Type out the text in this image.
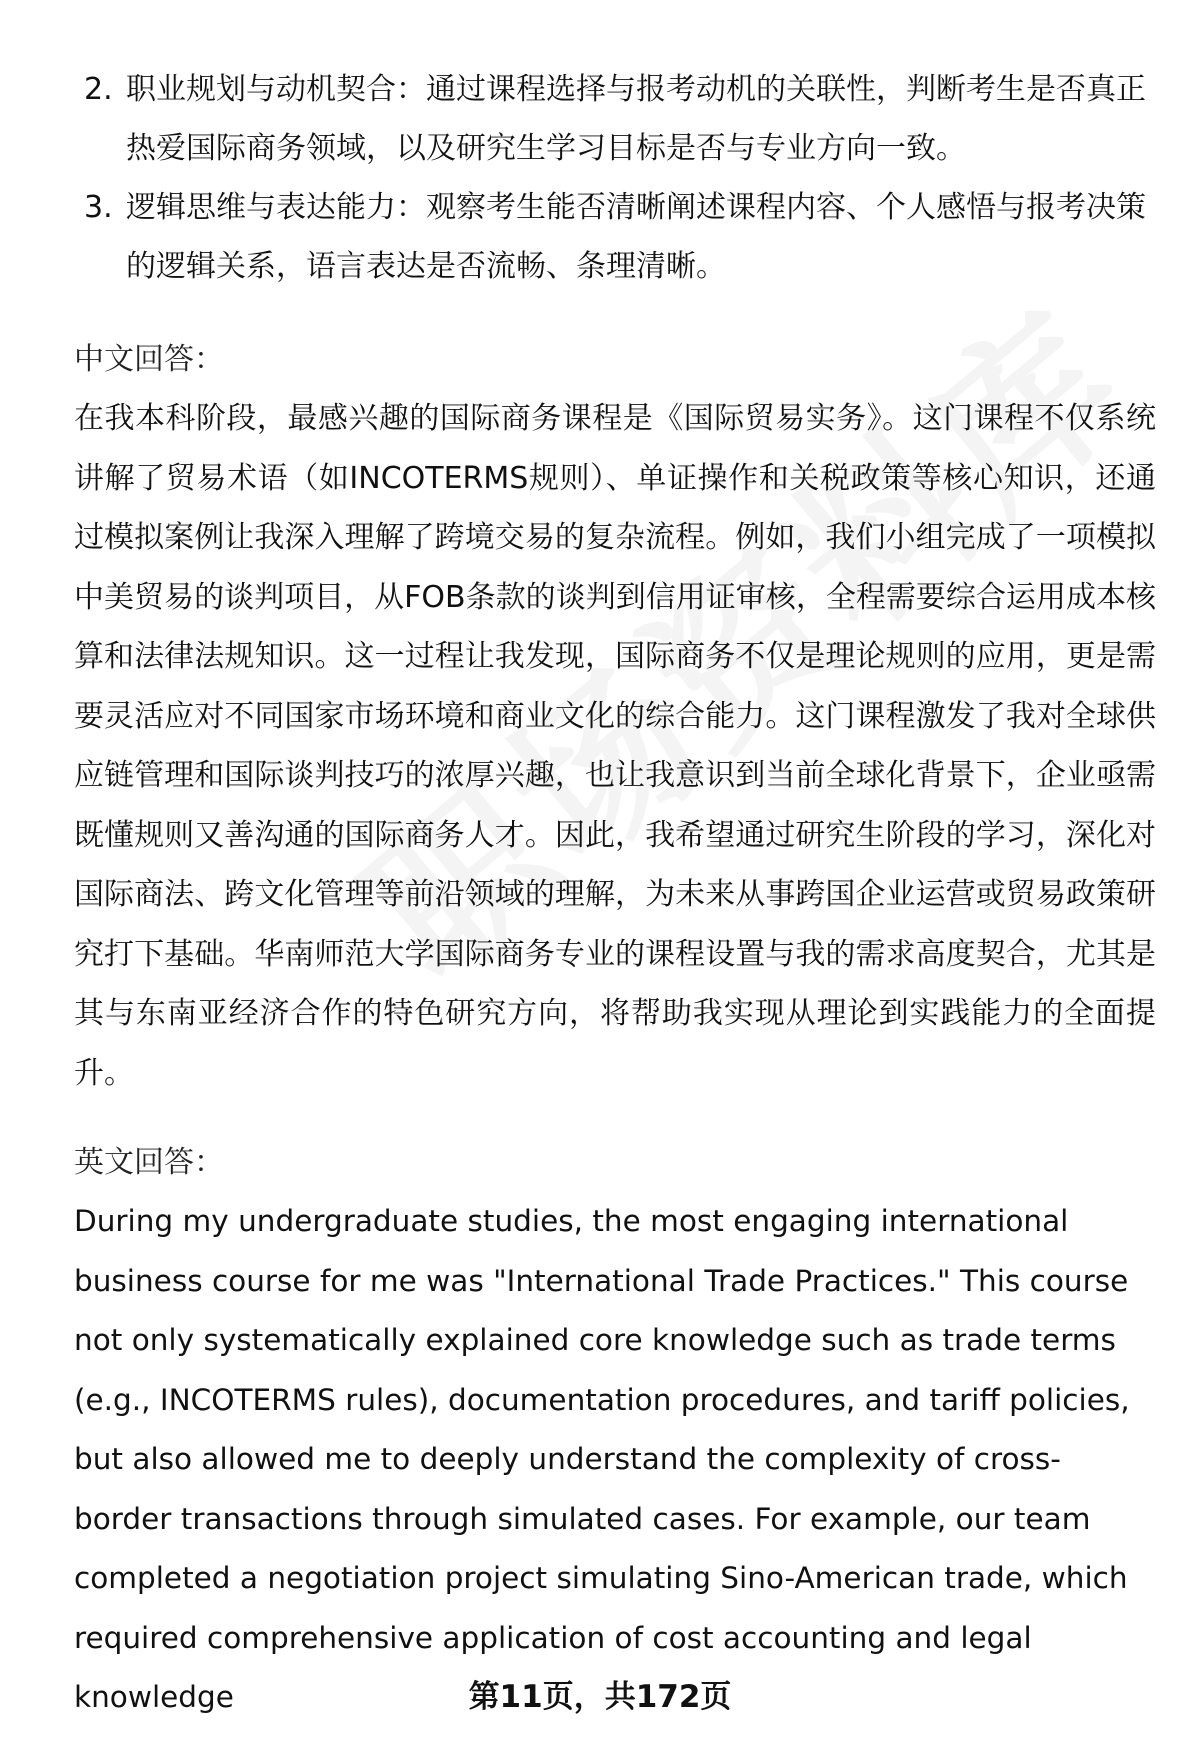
2. 职业规划与动机契合：通过课程选择与报考动机的关联性，判断考生是否真正热爱国际商务领域，以及研究生学习目标是否与专业方向一致。
3. 逻辑思维与表达能力：观察考生能否清晰阐述课程内容、个人感悟与报考决策的逻辑关系，语言表达是否流畅、条理清晰。
中文回答：

在我本科阶段，最感兴趣的国际商务课程是《国际贸易实务》。这门课程不仅系统讲解了贸易术语（如INCOTERMS规则）、单证操作和关税政策等核心知识，还通过模拟案例让我深入理解了跨境交易的复杂流程。例如，我们小组完成了一项模拟中美贸易的谈判项目，从FOB条款的谈判到信用证审核，全程需要综合运用成本核算和法律法规知识。这一过程让我发现，国际商务不仅是理论规则的应用，更是需要灵活应对不同国家市场环境和商业文化的综合能力。这门课程激发了我对全球供应链管理和国际谈判技巧的浓厚兴趣，也让我意识到当前全球化背景下，企业亟需既懂规则又善沟通的国际商务人才。因此，我希望通过研究生阶段的学习，深化对国际商法、跨文化管理等前沿领域的理解，为未来从事跨国企业运营或贸易政策研究打下基础。华南师范大学国际商务专业的课程设置与我的需求高度契合，尤其是其与东南亚经济合作的特色研究方向，将帮助我实现从理论到实践能力的全面提升。

英文回答：

During my undergraduate studies, the most engaging international business course for me was "International Trade Practices." This course not only systematically explained core knowledge such as trade terms (e.g., INCOTERMS rules), documentation procedures, and tariff policies, but also allowed me to deeply understand the complexity of cross-border transactions through simulated cases. For example, our team completed a negotiation project simulating Sino-American trade, which required comprehensive application of cost accounting and legal knowledge	第11页，共172页
